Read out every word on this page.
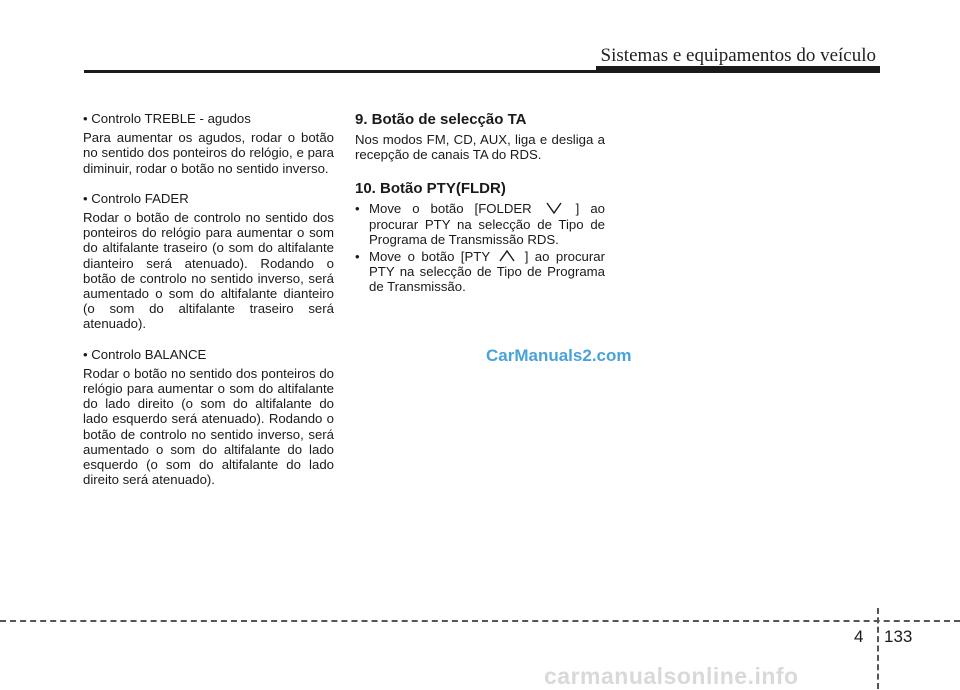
Sistemas e equipamentos do veículo

• Controlo TREBLE - agudos

Para aumentar os agudos, rodar o botão no sentido dos ponteiros do relógio, e para diminuir, rodar o botão no sentido inverso.

• Controlo FADER

Rodar o botão de controlo no sentido dos ponteiros do relógio para aumentar o som do altifalante traseiro (o som do altifalante dianteiro será atenuado). Rodando o botão de controlo no sentido inverso, será aumentado o som do altifalante dianteiro (o som do altifalante traseiro será atenuado).

• Controlo BALANCE

Rodar o botão no sentido dos ponteiros do relógio para aumentar o som do altifalante do lado direito (o som do altifalante do lado esquerdo será atenuado). Rodando o botão de controlo no sentido inverso, será aumentado o som do altifalante do lado esquerdo (o som do altifalante do lado direito será atenuado).

9. Botão de selecção TA

Nos modos FM, CD, AUX, liga e desliga a recepção de canais TA do RDS.

10. Botão PTY(FLDR)

• Move o botão [FOLDER	] ao procurar PTY na selecção de Tipo de Programa de Transmissão RDS.
• Move o botão [PTY	] ao procurar PTY na selecção de Tipo de Programa de Transmissão.
CarManuals2.com
4 133
carmanualsonline.info
